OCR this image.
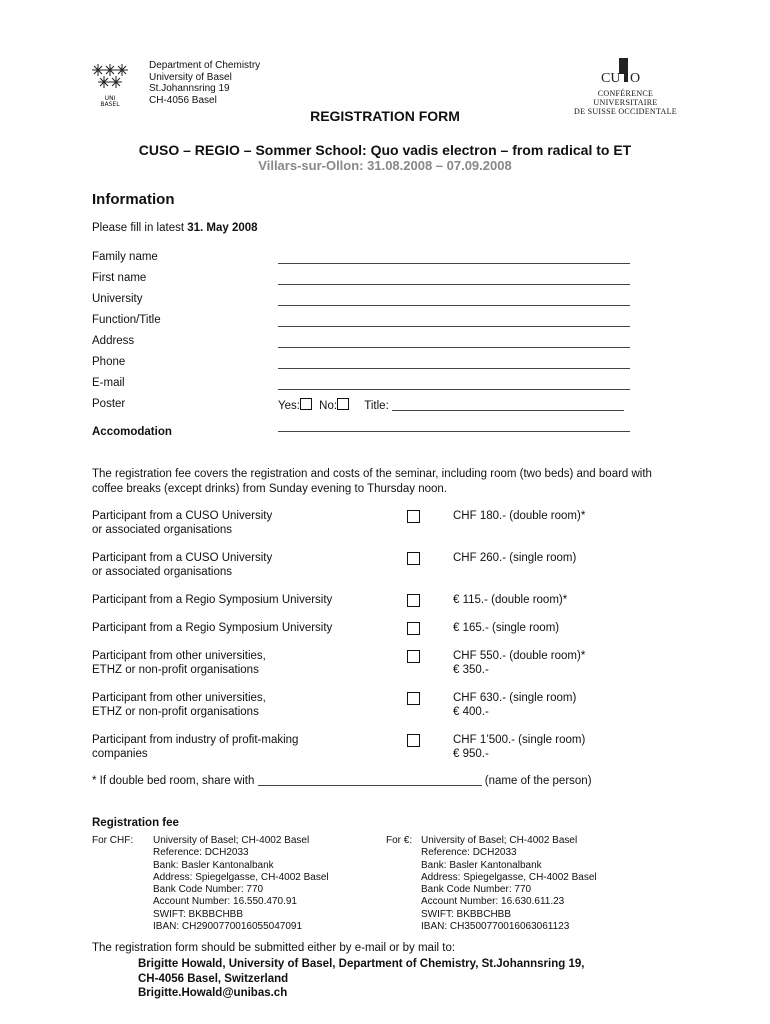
UNI BASEL
Department of Chemistry
University of Basel
St.Johannsring 19
CH-4056 Basel
CU O
CONFÉRENCE UNIVERSITAIRE
DE SUISSE OCCIDENTALE
REGISTRATION FORM
CUSO – REGIO – Sommer School: Quo vadis electron – from radical to ET
Villars-sur-Ollon: 31.08.2008 – 07.09.2008
Information
Please fill in latest 31. May 2008
Family name
First name
University
Function/Title
Address
Phone
E-mail
Poster	Yes: No: Title:
Accomodation
The registration fee covers the registration and costs of the seminar, including room (two beds) and board with coffee breaks (except drinks) from Sunday evening to Thursday noon.
Participant from a CUSO University
or associated organisations
CHF 180.- (double room)*
Participant from a CUSO University
or associated organisations
CHF 260.- (single room)
Participant from a Regio Symposium University	€ 115.- (double room)*
Participant from a Regio Symposium University	€ 165.- (single room)
Participant from other universities,
ETHZ or non-profit organisations
CHF 550.- (double room)*
€ 350.-
Participant from other universities,
ETHZ or non-profit organisations
CHF 630.- (single room)
€ 400.-
Participant from industry of profit-making
companies
CHF 1’500.- (single room)
€ 950.-
* If double bed room, share with	(name of the person)
Registration fee
For CHF: University of Basel; CH-4002 Basel
Reference: DCH2033
Bank: Basler Kantonalbank
Address: Spiegelgasse, CH-4002 Basel
Bank Code Number: 770
Account Number: 16.550.470.91
SWIFT: BKBBCHBB
IBAN: CH2900770016055047091
For €: University of Basel; CH-4002 Basel
Reference: DCH2033
Bank: Basler Kantonalbank
Address: Spiegelgasse, CH-4002 Basel
Bank Code Number: 770
Account Number: 16.630.611.23
SWIFT: BKBBCHBB
IBAN: CH3500770016063061123
The registration form should be submitted either by e-mail or by mail to:
Brigitte Howald, University of Basel, Department of Chemistry, St.Johannsring 19,
CH-4056 Basel, Switzerland
Brigitte.Howald@unibas.ch
